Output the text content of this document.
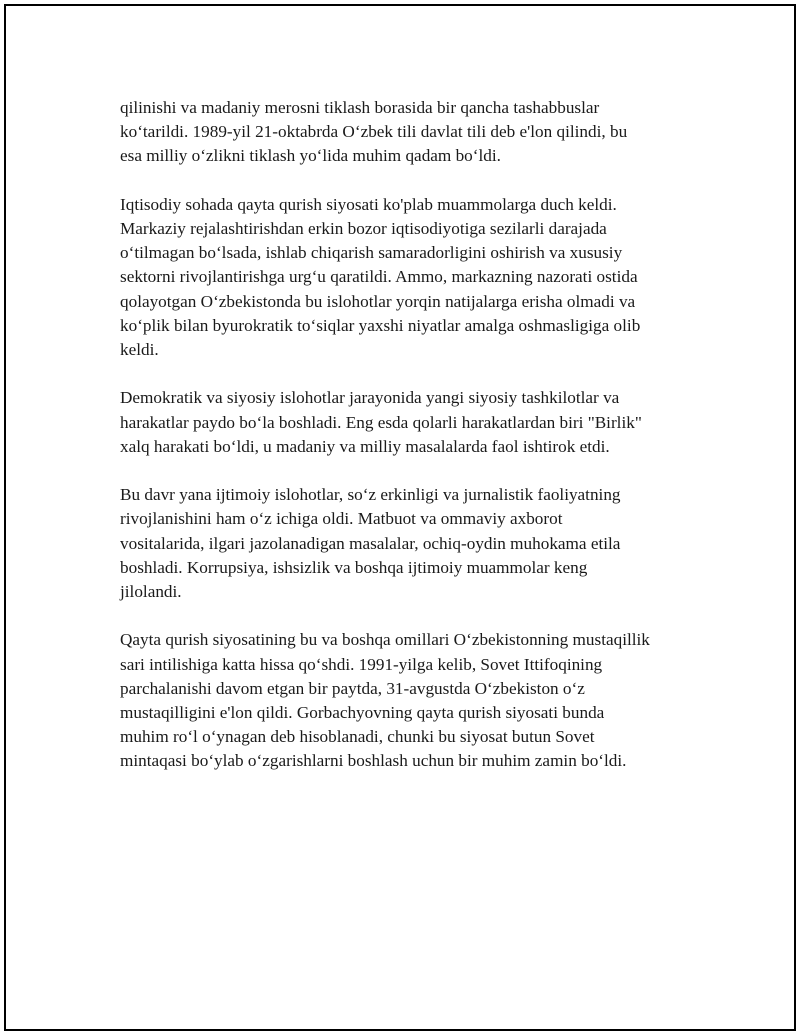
qilinishi va madaniy merosni tiklash borasida bir qancha tashabbuslar
koʻtarildi. 1989-yil 21-oktabrda Oʻzbek tili davlat tili deb e'lon qilindi, bu
esa milliy oʻzlikni tiklash yoʻlida muhim qadam boʻldi.

Iqtisodiy sohada qayta qurish siyosati ko'plab muammolarga duch keldi.
Markaziy rejalashtirishdan erkin bozor iqtisodiyotiga sezilarli darajada
oʻtilmagan boʻlsada, ishlab chiqarish samaradorligini oshirish va xususiy
sektorni rivojlantirishga urgʻu qaratildi. Ammo, markazning nazorati ostida
qolayotgan Oʻzbekistonda bu islohotlar yorqin natijalarga erisha olmadi va
koʻplik bilan byurokratik toʻsiqlar yaxshi niyatlar amalga oshmasligiga olib
keldi.

Demokratik va siyosiy islohotlar jarayonida yangi siyosiy tashkilotlar va
harakatlar paydo boʻla boshladi. Eng esda qolarli harakatlardan biri "Birlik"
xalq harakati boʻldi, u madaniy va milliy masalalarda faol ishtirok etdi.

Bu davr yana ijtimoiy islohotlar, soʻz erkinligi va jurnalistik faoliyatning
rivojlanishini ham oʻz ichiga oldi. Matbuot va ommaviy axborot
vositalarida, ilgari jazolanadigan masalalar, ochiq-oydin muhokama etila
boshladi. Korrupsiya, ishsizlik va boshqa ijtimoiy muammolar keng
jilolandi.

Qayta qurish siyosatining bu va boshqa omillari Oʻzbekistonning mustaqillik
sari intilishiga katta hissa qoʻshdi. 1991-yilga kelib, Sovet Ittifoqining
parchalanishi davom etgan bir paytda, 31-avgustda Oʻzbekiston oʻz
mustaqilligini e'lon qildi. Gorbachyovning qayta qurish siyosati bunda
muhim roʻl oʻynagan deb hisoblanadi, chunki bu siyosat butun Sovet
mintaqasi boʻylab oʻzgarishlarni boshlash uchun bir muhim zamin boʻldi.
